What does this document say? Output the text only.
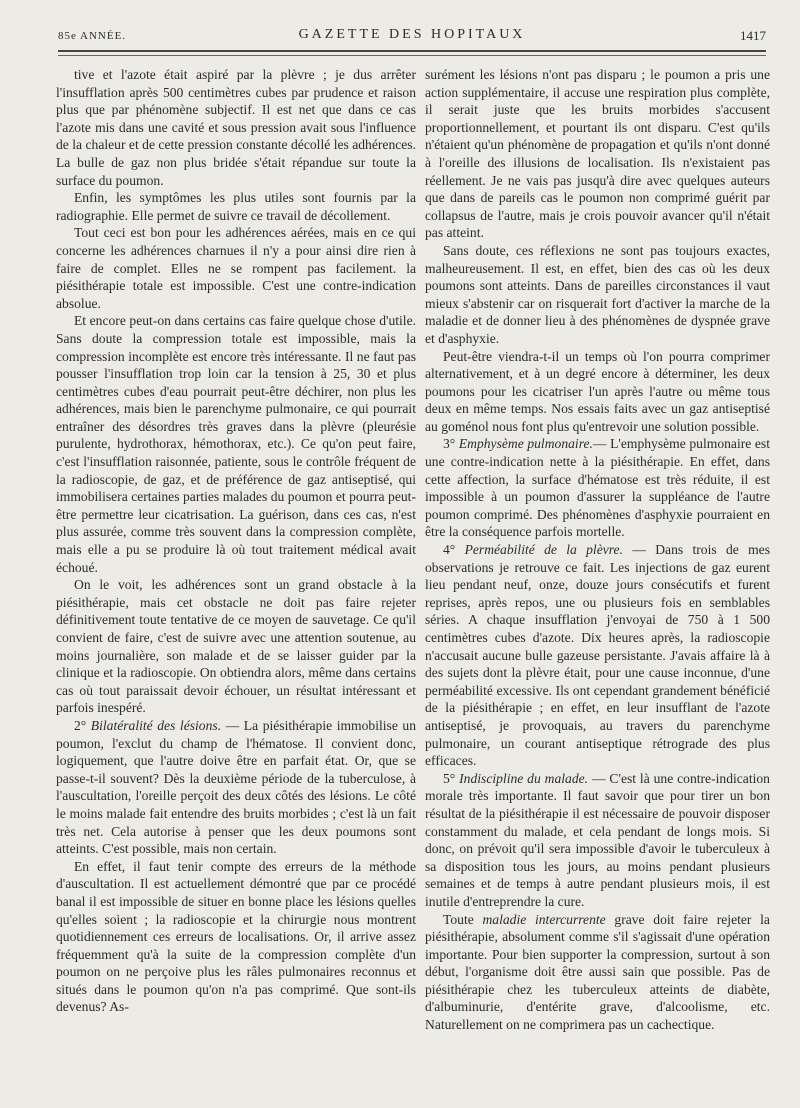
85e ANNÉE.	GAZETTE DES HOPITAUX	1417

tive et l'azote était aspiré par la plèvre ; je dus arrêter l'insufflation après 500 centimètres cubes par prudence et raison plus que par phénomène subjectif. Il est net que dans ce cas l'azote mis dans une cavité et sous pression avait sous l'influence de la chaleur et de cette pression constante décollé les adhérences. La bulle de gaz non plus bridée s'était répandue sur toute la surface du poumon.

Enfin, les symptômes les plus utiles sont fournis par la radiographie. Elle permet de suivre ce travail de décollement.

Tout ceci est bon pour les adhérences aérées, mais en ce qui concerne les adhérences charnues il n'y a pour ainsi dire rien à faire de complet. Elles ne se rompent pas facilement. la piésithérapie totale est impossible. C'est une contre-indication absolue.

Et encore peut-on dans certains cas faire quelque chose d'utile. Sans doute la compression totale est impossible, mais la compression incomplète est encore très intéressante. Il ne faut pas pousser l'insufflation trop loin car la tension à 25, 30 et plus centimètres cubes d'eau pourrait peut-être déchirer, non plus les adhérences, mais bien le parenchyme pulmonaire, ce qui pourrait entraîner des désordres très graves dans la plèvre (pleurésie purulente, hydrothorax, hémothorax, etc.). Ce qu'on peut faire, c'est l'insufflation raisonnée, patiente, sous le contrôle fréquent de la radioscopie, de gaz, et de préférence de gaz antiseptisé, qui immobilisera certaines parties malades du poumon et pourra peut-être permettre leur cicatrisation. La guérison, dans ces cas, n'est plus assurée, comme très souvent dans la compression complète, mais elle a pu se produire là où tout traitement médical avait échoué.

On le voit, les adhérences sont un grand obstacle à la piésithérapie, mais cet obstacle ne doit pas faire rejeter définitivement toute tentative de ce moyen de sauvetage. Ce qu'il convient de faire, c'est de suivre avec une attention soutenue, au moins journalière, son malade et de se laisser guider par la clinique et la radioscopie. On obtiendra alors, même dans certains cas où tout paraissait devoir échouer, un résultat intéressant et parfois inespéré.

2° Bilatéralité des lésions. — La piésithérapie immobilise un poumon, l'exclut du champ de l'hématose. Il convient donc, logiquement, que l'autre doive être en parfait état. Or, que se passe-t-il souvent? Dès la deuxième période de la tuberculose, à l'auscultation, l'oreille perçoit des deux côtés des lésions. Le côté le moins malade fait entendre des bruits morbides ; c'est là un fait très net. Cela autorise à penser que les deux poumons sont atteints. C'est possible, mais non certain.

En effet, il faut tenir compte des erreurs de la méthode d'auscultation. Il est actuellement démontré que par ce procédé banal il est impossible de situer en bonne place les lésions quelles qu'elles soient ; la radioscopie et la chirurgie nous montrent quotidiennement ces erreurs de localisations. Or, il arrive assez fréquemment qu'à la suite de la compression complète d'un poumon on ne perçoive plus les râles pulmonaires reconnus et situés dans le poumon qu'on n'a pas comprimé. Que sont-ils devenus? As-

surément les lésions n'ont pas disparu ; le poumon a pris une action supplémentaire, il accuse une respiration plus complète, il serait juste que les bruits morbides s'accusent proportionnellement, et pourtant ils ont disparu. C'est qu'ils n'étaient qu'un phénomène de propagation et qu'ils n'ont donné à l'oreille des illusions de localisation. Ils n'existaient pas réellement. Je ne vais pas jusqu'à dire avec quelques auteurs que dans de pareils cas le poumon non comprimé guérit par collapsus de l'autre, mais je crois pouvoir avancer qu'il n'était pas atteint.

Sans doute, ces réflexions ne sont pas toujours exactes, malheureusement. Il est, en effet, bien des cas où les deux poumons sont atteints. Dans de pareilles circonstances il vaut mieux s'abstenir car on risquerait fort d'activer la marche de la maladie et de donner lieu à des phénomènes de dyspnée grave et d'asphyxie.

Peut-être viendra-t-il un temps où l'on pourra comprimer alternativement, et à un degré encore à déterminer, les deux poumons pour les cicatriser l'un après l'autre ou même tous deux en même temps. Nos essais faits avec un gaz antiseptisé au goménol nous font plus qu'entrevoir une solution possible.

3° Emphysème pulmonaire.— L'emphysème pulmonaire est une contre-indication nette à la piésithérapie. En effet, dans cette affection, la surface d'hématose est très réduite, il est impossible à un poumon d'assurer la suppléance de l'autre poumon comprimé. Des phénomènes d'asphyxie pourraient en être la conséquence parfois mortelle.

4° Perméabilité de la plèvre. — Dans trois de mes observations je retrouve ce fait. Les injections de gaz eurent lieu pendant neuf, onze, douze jours consécutifs et furent reprises, après repos, une ou plusieurs fois en semblables séries. A chaque insufflation j'envoyai de 750 à 1 500 centimètres cubes d'azote. Dix heures après, la radioscopie n'accusait aucune bulle gazeuse persistante. J'avais affaire là à des sujets dont la plèvre était, pour une cause inconnue, d'une perméabilité excessive. Ils ont cependant grandement bénéficié de la piésithérapie ; en effet, en leur insufflant de l'azote antiseptisé, je provoquais, au travers du parenchyme pulmonaire, un courant antiseptique rétrograde des plus efficaces.

5° Indiscipline du malade. — C'est là une contre-indication morale très importante. Il faut savoir que pour tirer un bon résultat de la piésithérapie il est nécessaire de pouvoir disposer constamment du malade, et cela pendant de longs mois. Si donc, on prévoit qu'il sera impossible d'avoir le tuberculeux à sa disposition tous les jours, au moins pendant plusieurs semaines et de temps à autre pendant plusieurs mois, il est inutile d'entreprendre la cure.

Toute maladie intercurrente grave doit faire rejeter la piésithérapie, absolument comme s'il s'agissait d'une opération importante. Pour bien supporter la compression, surtout à son début, l'organisme doit être aussi sain que possible. Pas de piésithérapie chez les tuberculeux atteints de diabète, d'albuminurie, d'entérite grave, d'alcoolisme, etc. Naturellement on ne comprimera pas un cachectique.
